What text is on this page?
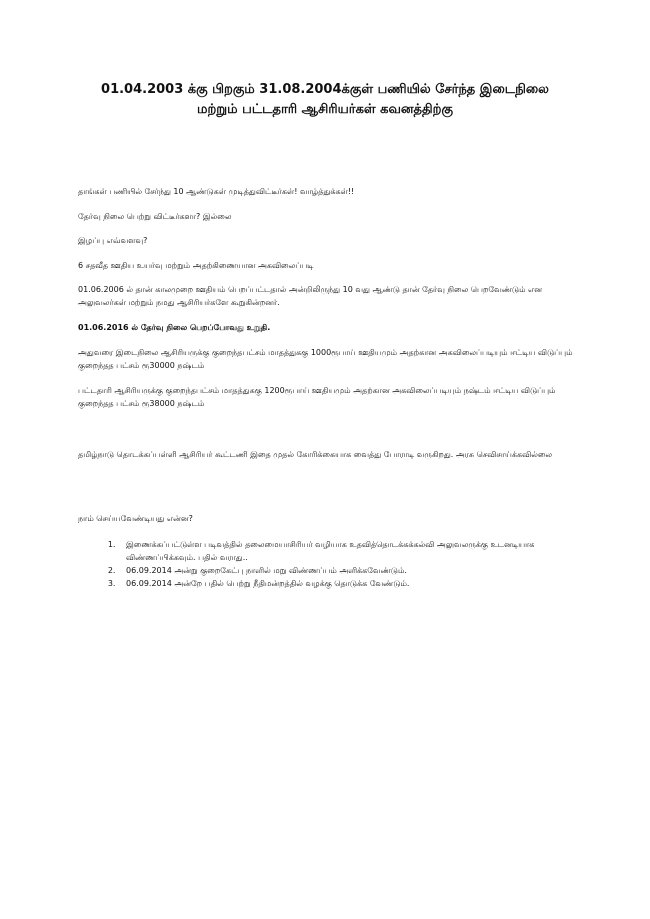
01.04.2003 க்கு பிறகும் 31.08.2004க்குள் பணியில் சேர்ந்த இடைநிலை
மற்றும் பட்டதாரி ஆசிரியர்கள் கவனத்திற்கு

தாங்கள் பணியில் சேர்ந்து 10 ஆண்டுகள் முடித்துவிட்டீர்கள்! வாழ்த்துக்கள்!!

தேர்வு நிலை பெற்று விட்டீர்களா? இல்லை

இழப்பு எவ்வளவு?

6 சதவீத ஊதிய உயர்வு மற்றும் அதற்கிணையான அகவிலைப்படி

01.06.2006 ல் தான் காலமுறை ஊதியம் பெறப்பட்டதால் அன்றிலிருந்து 10 வது ஆண்டு தான் தேர்வு நிலை பெறவேண்டும் என அலுவலர்கள் மற்றும் நமது ஆசிரியர்களே கூறுகின்றனர்.

01.06.2016 ல் தேர்வு நிலை பெறப்போவது உறுதி.

அதுவரை இடைநிலை ஆசிரியருக்கு குறைந்தபட்சம் மாதத்துககு 1000ரூபாய் ஊதியமும் அதற்கான அகவிலைப்படியும் ஈட்டிய விடுப்பும் குறைந்தத பட்சம் ரூ30000 நஷ்டம்

பட்டதாரி ஆசிரியருக்கு குறைந்தபட்சம் மாதத்துககு 1200ரூபாய் ஊதியமும் அதற்கான அகவிலைப்படியும் நஷ்டம் ஈட்டிய விடுப்பும் குறைந்தத பட்சம் ரூ38000 நஷ்டம்

தமிழ்நாடு தொடக்கப்பள்ளி ஆசிரியர் கூட்டணி இதை முதல் கோரிக்கையாக வைத்து போராடி வருகிறது. அரசு செவிசாய்க்கவில்லை

நாம் செய்யவேண்டியது என்ன?

1. இணைக்கப்பட்டுள்ள படிவத்தில் தலைமையாசிரியர் வழியாக உதவித்தொடக்கக்கல்வி அலுவலருக்கு உடனடியாக விண்ணப்பிக்கவும். பதில் வராது..
2. 06.09.2014 அன்று குறைகேட்பு நாளில் மறு விண்ணப்பம் அளிக்கவேண்டும்.
3. 06.09.2014 அன்றே பதில் பெற்று நீதிமன்றத்தில் வழக்கு தொடுக்க வேண்டும்.
